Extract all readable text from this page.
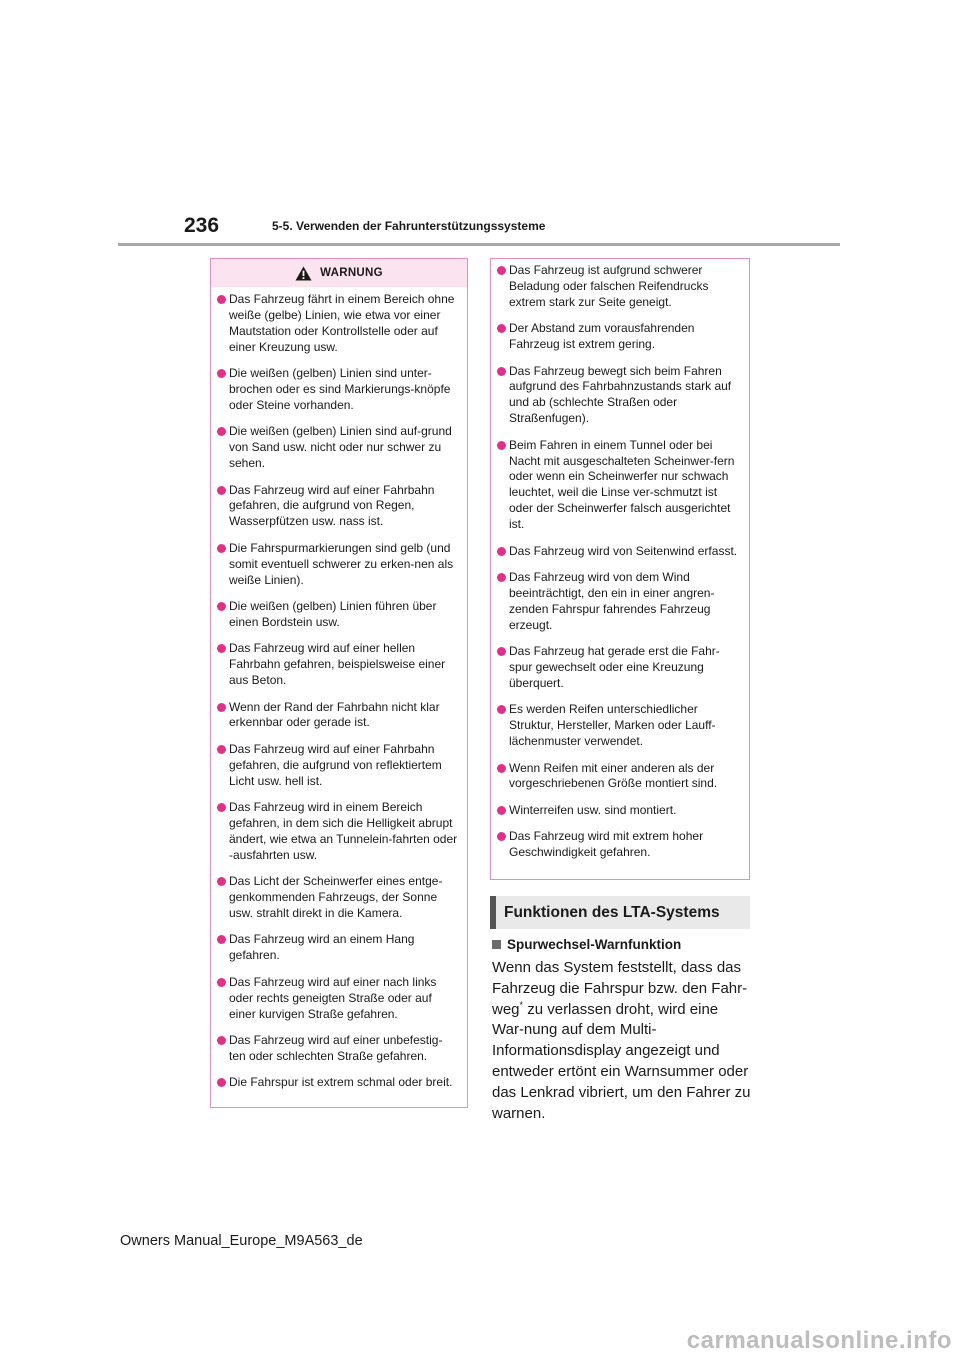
236	5-5. Verwenden der Fahrunterstützungssysteme
WARNUNG
Das Fahrzeug fährt in einem Bereich ohne weiße (gelbe) Linien, wie etwa vor einer Mautstation oder Kontrollstelle oder auf einer Kreuzung usw.
Die weißen (gelben) Linien sind unter-brochen oder es sind Markierungs-knöpfe oder Steine vorhanden.
Die weißen (gelben) Linien sind auf-grund von Sand usw. nicht oder nur schwer zu sehen.
Das Fahrzeug wird auf einer Fahrbahn gefahren, die aufgrund von Regen, Wasserpfützen usw. nass ist.
Die Fahrspurmarkierungen sind gelb (und somit eventuell schwerer zu erken-nen als weiße Linien).
Die weißen (gelben) Linien führen über einen Bordstein usw.
Das Fahrzeug wird auf einer hellen Fahrbahn gefahren, beispielsweise einer aus Beton.
Wenn der Rand der Fahrbahn nicht klar erkennbar oder gerade ist.
Das Fahrzeug wird auf einer Fahrbahn gefahren, die aufgrund von reflektiertem Licht usw. hell ist.
Das Fahrzeug wird in einem Bereich gefahren, in dem sich die Helligkeit abrupt ändert, wie etwa an Tunnelein-fahrten oder -ausfahrten usw.
Das Licht der Scheinwerfer eines entge-genkommenden Fahrzeugs, der Sonne usw. strahlt direkt in die Kamera.
Das Fahrzeug wird an einem Hang gefahren.
Das Fahrzeug wird auf einer nach links oder rechts geneigten Straße oder auf einer kurvigen Straße gefahren.
Das Fahrzeug wird auf einer unbefestig-ten oder schlechten Straße gefahren.
Die Fahrspur ist extrem schmal oder breit.
Das Fahrzeug ist aufgrund schwerer Beladung oder falschen Reifendrucks extrem stark zur Seite geneigt.
Der Abstand zum vorausfahrenden Fahrzeug ist extrem gering.
Das Fahrzeug bewegt sich beim Fahren aufgrund des Fahrbahnzustands stark auf und ab (schlechte Straßen oder Straßenfugen).
Beim Fahren in einem Tunnel oder bei Nacht mit ausgeschalteten Scheinwer-fern oder wenn ein Scheinwerfer nur schwach leuchtet, weil die Linse ver-schmutzt ist oder der Scheinwerfer falsch ausgerichtet ist.
Das Fahrzeug wird von Seitenwind erfasst.
Das Fahrzeug wird von dem Wind beeinträchtigt, den ein in einer angren-zenden Fahrspur fahrendes Fahrzeug erzeugt.
Das Fahrzeug hat gerade erst die Fahr-spur gewechselt oder eine Kreuzung überquert.
Es werden Reifen unterschiedlicher Struktur, Hersteller, Marken oder Lauff-lächenmuster verwendet.
Wenn Reifen mit einer anderen als der vorgeschriebenen Größe montiert sind.
Winterreifen usw. sind montiert.
Das Fahrzeug wird mit extrem hoher Geschwindigkeit gefahren.
Funktionen des LTA-Systems
Spurwechsel-Warnfunktion

Wenn das System feststellt, dass das Fahrzeug die Fahrspur bzw. den Fahr-weg* zu verlassen droht, wird eine War-nung auf dem Multi-Informationsdisplay angezeigt und entweder ertönt ein Warnsummer oder das Lenkrad vibriert, um den Fahrer zu warnen.

Owners Manual_Europe_M9A563_de
carmanualsonline.info
